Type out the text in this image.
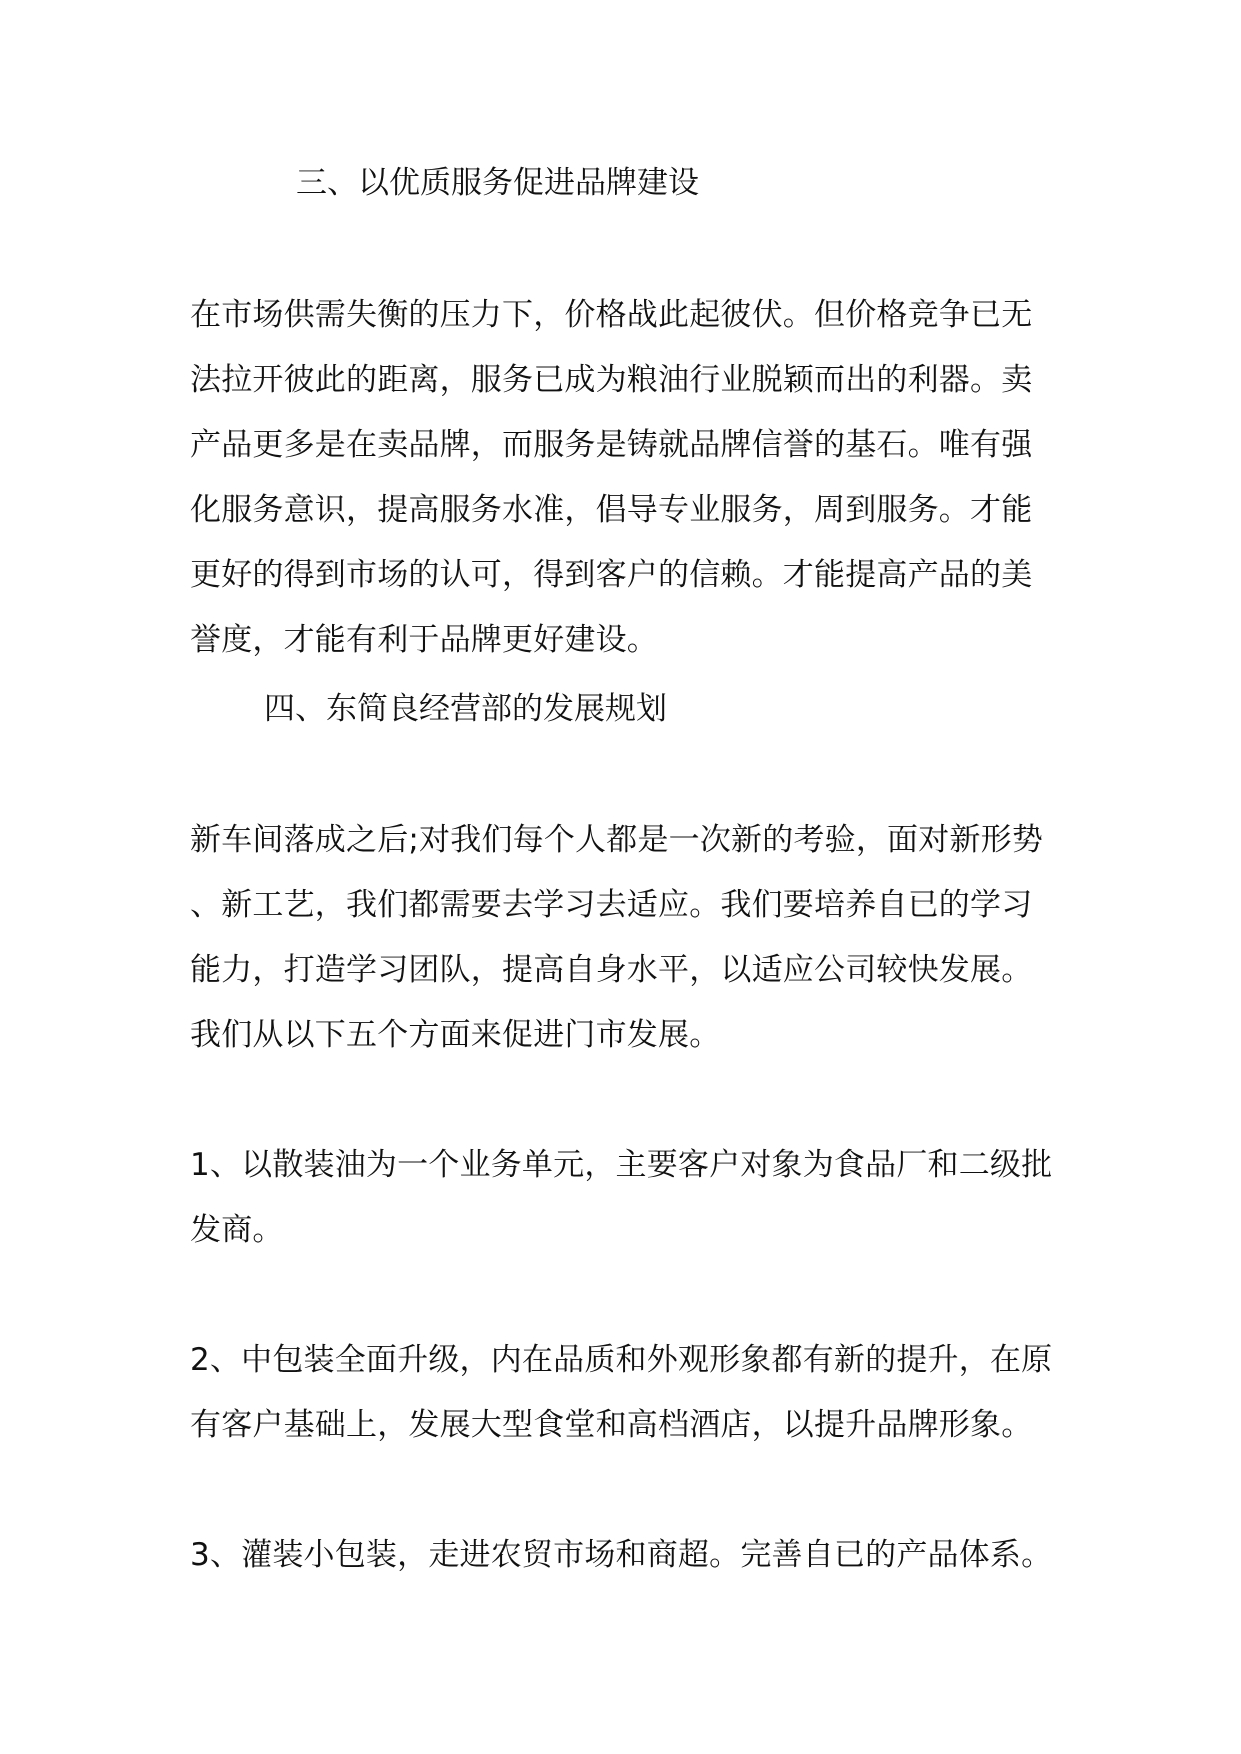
三、以优质服务促进品牌建设

在市场供需失衡的压力下，价格战此起彼伏。但价格竞争已无
法拉开彼此的距离，服务已成为粮油行业脱颖而出的利器。卖
产品更多是在卖品牌，而服务是铸就品牌信誉的基石。唯有强
化服务意识，提高服务水准，倡导专业服务，周到服务。才能
更好的得到市场的认可，得到客户的信赖。才能提高产品的美
誉度，才能有利于品牌更好建设。

四、东简良经营部的发展规划

新车间落成之后;对我们每个人都是一次新的考验，面对新形势
、新工艺，我们都需要去学习去适应。我们要培养自已的学习
能力，打造学习团队，提高自身水平，以适应公司较快发展。
我们从以下五个方面来促进门市发展。

1、以散装油为一个业务单元，主要客户对象为食品厂和二级批
发商。

2、中包装全面升级，内在品质和外观形象都有新的提升，在原
有客户基础上，发展大型食堂和高档酒店，以提升品牌形象。

3、灌装小包装，走进农贸市场和商超。完善自已的产品体系。
